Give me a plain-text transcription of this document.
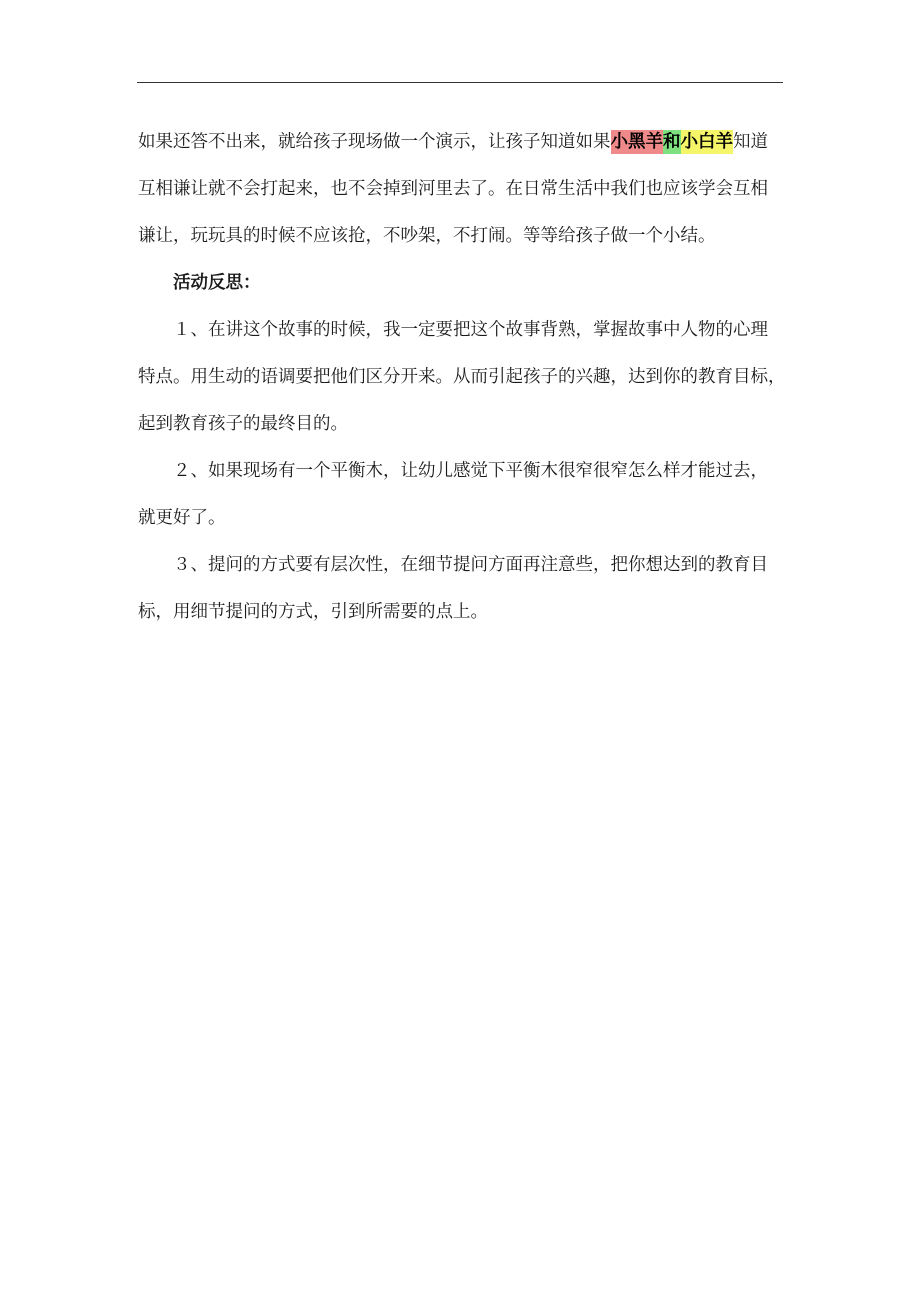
如果还答不出来，就给孩子现场做一个演示，让孩子知道如果小黑羊和小白羊知道
互相谦让就不会打起来，也不会掉到河里去了。在日常生活中我们也应该学会互相
谦让，玩玩具的时候不应该抢，不吵架，不打闹。等等给孩子做一个小结。
活动反思：
１、在讲这个故事的时候，我一定要把这个故事背熟，掌握故事中人物的心理
特点。用生动的语调要把他们区分开来。从而引起孩子的兴趣，达到你的教育目标，
起到教育孩子的最终目的。
２、如果现场有一个平衡木，让幼儿感觉下平衡木很窄很窄怎么样才能过去，
就更好了。
３、提问的方式要有层次性，在细节提问方面再注意些，把你想达到的教育目
标，用细节提问的方式，引到所需要的点上。
